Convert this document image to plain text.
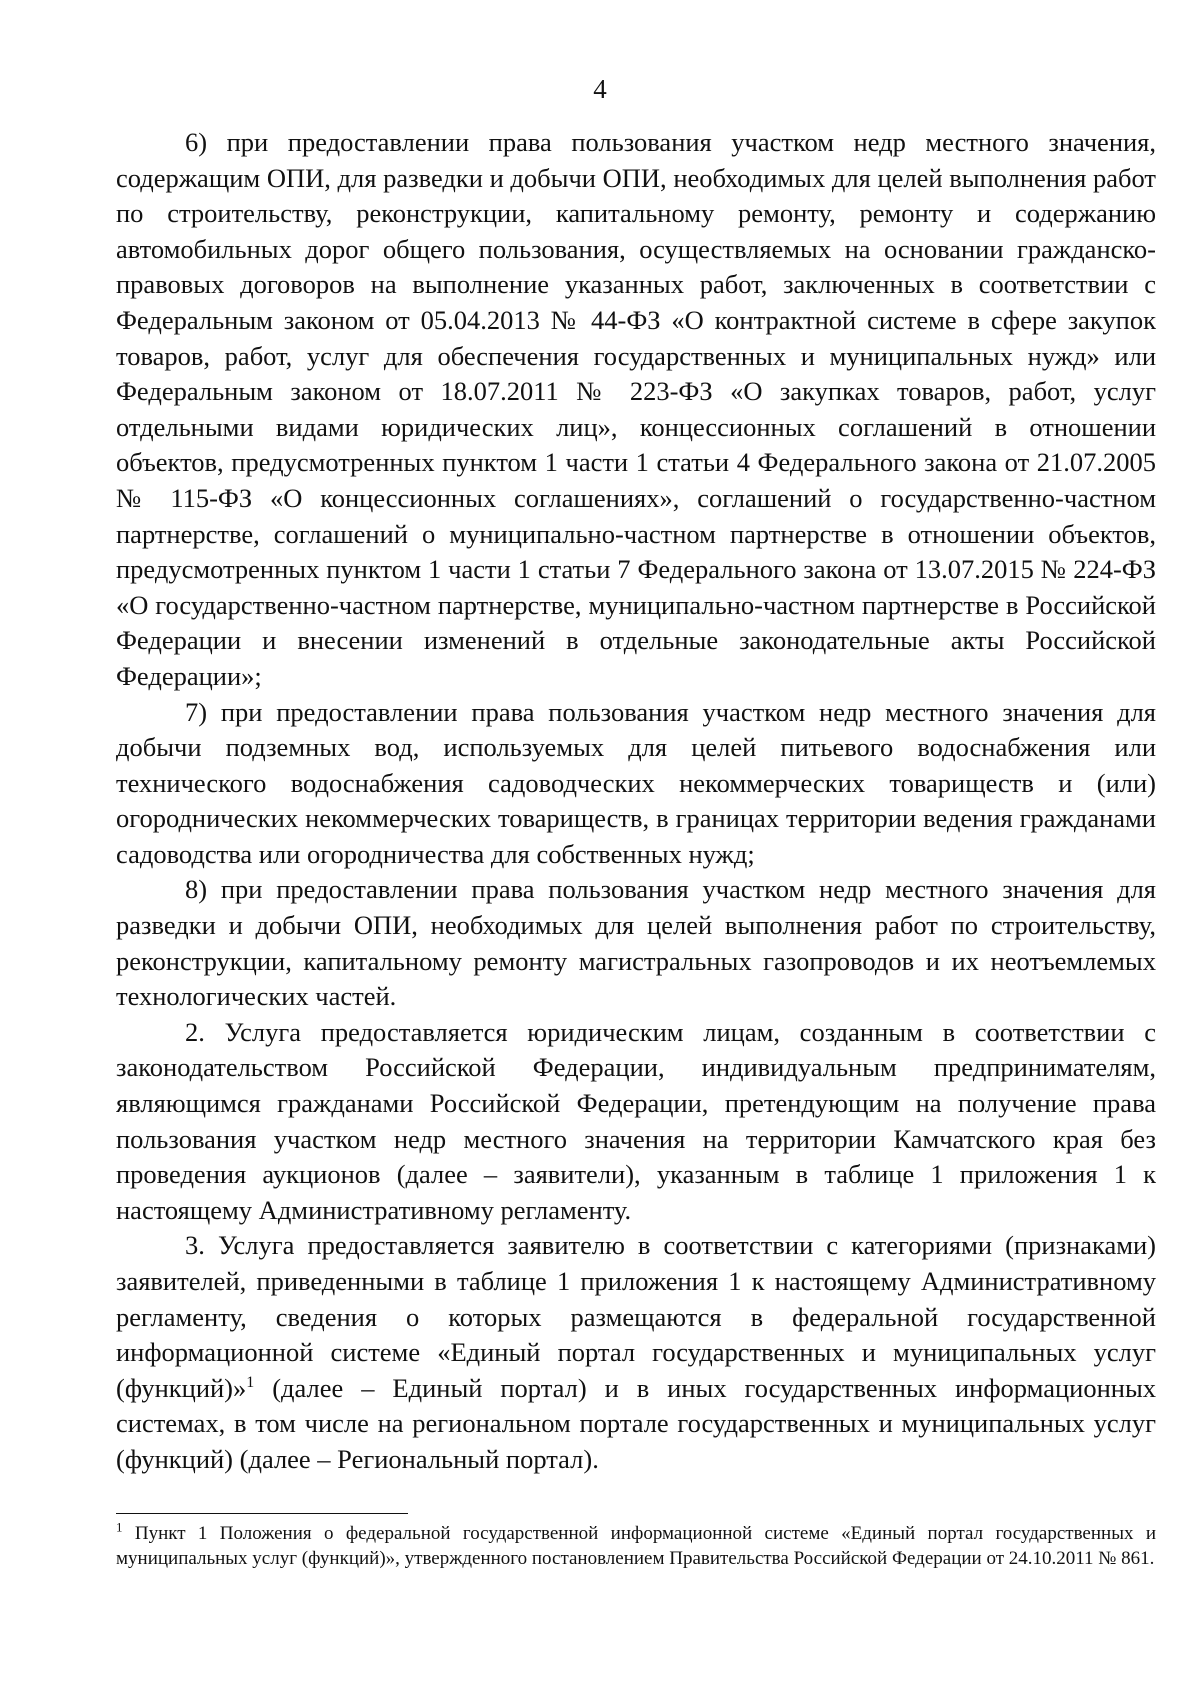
4

6) при предоставлении права пользования участком недр местного значения, содержащим ОПИ, для разведки и добычи ОПИ, необходимых для целей выполнения работ по строительству, реконструкции, капитальному ремонту, ремонту и содержанию автомобильных дорог общего пользования, осуществляемых на основании гражданско-правовых договоров на выполнение указанных работ, заключенных в соответствии с Федеральным законом от 05.04.2013 № 44-ФЗ «О контрактной системе в сфере закупок товаров, работ, услуг для обеспечения государственных и муниципальных нужд» или Федеральным законом от 18.07.2011 № 223-ФЗ «О закупках товаров, работ, услуг отдельными видами юридических лиц», концессионных соглашений в отношении объектов, предусмотренных пунктом 1 части 1 статьи 4 Федерального закона от 21.07.2005 № 115-ФЗ «О концессионных соглашениях», соглашений о государственно-частном партнерстве, соглашений о муниципально-частном партнерстве в отношении объектов, предусмотренных пунктом 1 части 1 статьи 7 Федерального закона от 13.07.2015 № 224-ФЗ «О государственно-частном партнерстве, муниципально-частном партнерстве в Российской Федерации и внесении изменений в отдельные законодательные акты Российской Федерации»;

7) при предоставлении права пользования участком недр местного значения для добычи подземных вод, используемых для целей питьевого водоснабжения или технического водоснабжения садоводческих некоммерческих товариществ и (или) огороднических некоммерческих товариществ, в границах территории ведения гражданами садоводства или огородничества для собственных нужд;

8) при предоставлении права пользования участком недр местного значения для разведки и добычи ОПИ, необходимых для целей выполнения работ по строительству, реконструкции, капитальному ремонту магистральных газопроводов и их неотъемлемых технологических частей.

2. Услуга предоставляется юридическим лицам, созданным в соответствии с законодательством Российской Федерации, индивидуальным предпринимателям, являющимся гражданами Российской Федерации, претендующим на получение права пользования участком недр местного значения на территории Камчатского края без проведения аукционов (далее – заявители), указанным в таблице 1 приложения 1 к настоящему Административному регламенту.

3. Услуга предоставляется заявителю в соответствии с категориями (признаками) заявителей, приведенными в таблице 1 приложения 1 к настоящему Административному регламенту, сведения о которых размещаются в федеральной государственной информационной системе «Единый портал государственных и муниципальных услуг (функций)»$^1$ (далее – Единый портал) и в иных государственных информационных системах, в том числе на региональном портале государственных и муниципальных услуг (функций) (далее – Региональный портал).

$^1$ Пункт 1 Положения о федеральной государственной информационной системе «Единый портал государственных и муниципальных услуг (функций)», утвержденного постановлением Правительства Российской Федерации от 24.10.2011 № 861.
